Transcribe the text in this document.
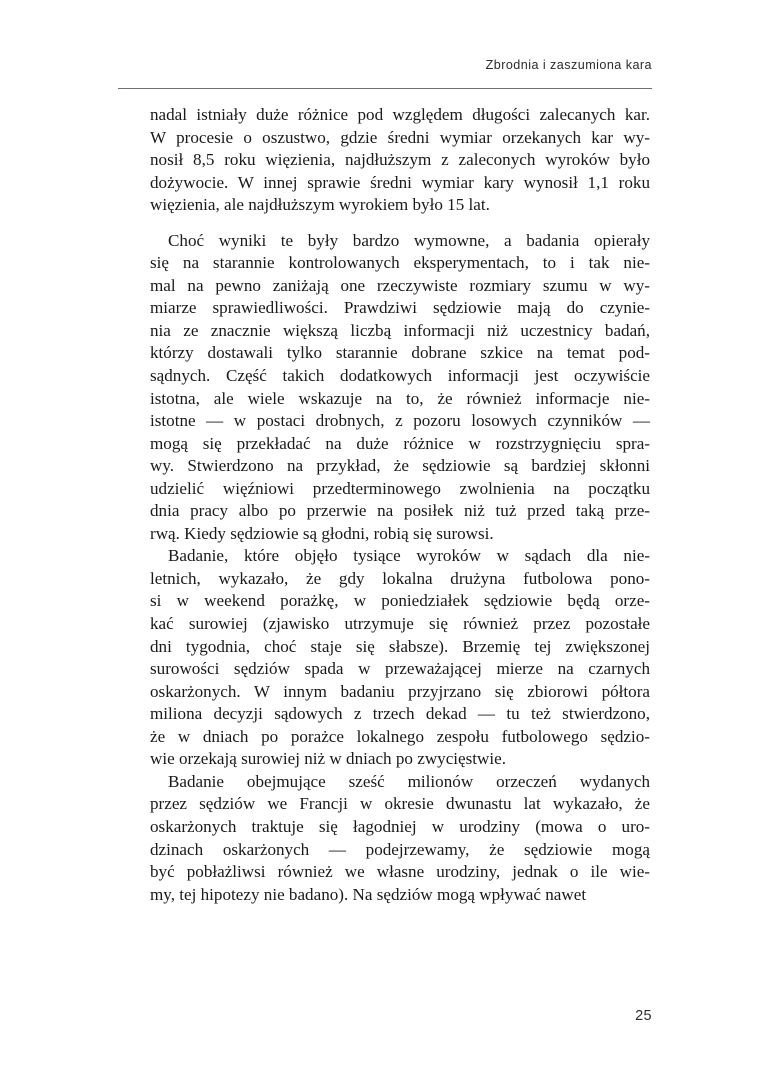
Zbrodnia i zaszumiona kara

nadal istniały duże różnice pod względem długości zalecanych kar.
W procesie o oszustwo, gdzie średni wymiar orzekanych kar wy-
nosił 8,5 roku więzienia, najdłuższym z zaleconych wyroków było
dożywocie. W innej sprawie średni wymiar kary wynosił 1,1 roku
więzienia, ale najdłuższym wyrokiem było 15 lat.

Choć wyniki te były bardzo wymowne, a badania opierały
się na starannie kontrolowanych eksperymentach, to i tak nie-
mal na pewno zaniżają one rzeczywiste rozmiary szumu w wy-
miarze sprawiedliwości. Prawdziwi sędziowie mają do czynie-
nia ze znacznie większą liczbą informacji niż uczestnicy badań,
którzy dostawali tylko starannie dobrane szkice na temat pod-
sądnych. Część takich dodatkowych informacji jest oczywiście
istotna, ale wiele wskazuje na to, że również informacje nie-
istotne — w postaci drobnych, z pozoru losowych czynników —
mogą się przekładać na duże różnice w rozstrzygnięciu spra-
wy. Stwierdzono na przykład, że sędziowie są bardziej skłonni
udzielić więźniowi przedterminowego zwolnienia na początku
dnia pracy albo po przerwie na posiłek niż tuż przed taką prze-
rwą. Kiedy sędziowie są głodni, robią się surowsi.

Badanie, które objęło tysiące wyroków w sądach dla nie-
letnich, wykazało, że gdy lokalna drużyna futbolowa pono-
si w weekend porażkę, w poniedziałek sędziowie będą orze-
kać surowiej (zjawisko utrzymuje się również przez pozostałe
dni tygodnia, choć staje się słabsze). Brzemię tej zwiększonej
surowości sędziów spada w przeważającej mierze na czarnych
oskarżonych. W innym badaniu przyjrzano się zbiorowi półtora
miliona decyzji sądowych z trzech dekad — tu też stwierdzono,
że w dniach po porażce lokalnego zespołu futbolowego sędzio-
wie orzekają surowiej niż w dniach po zwycięstwie.

Badanie obejmujące sześć milionów orzeczeń wydanych
przez sędziów we Francji w okresie dwunastu lat wykazało, że
oskarżonych traktuje się łagodniej w urodziny (mowa o uro-
dzinach oskarżonych — podejrzewamy, że sędziowie mogą
być pobłażliwsi również we własne urodziny, jednak o ile wie-
my, tej hipotezy nie badano). Na sędziów mogą wpływać nawet

25
